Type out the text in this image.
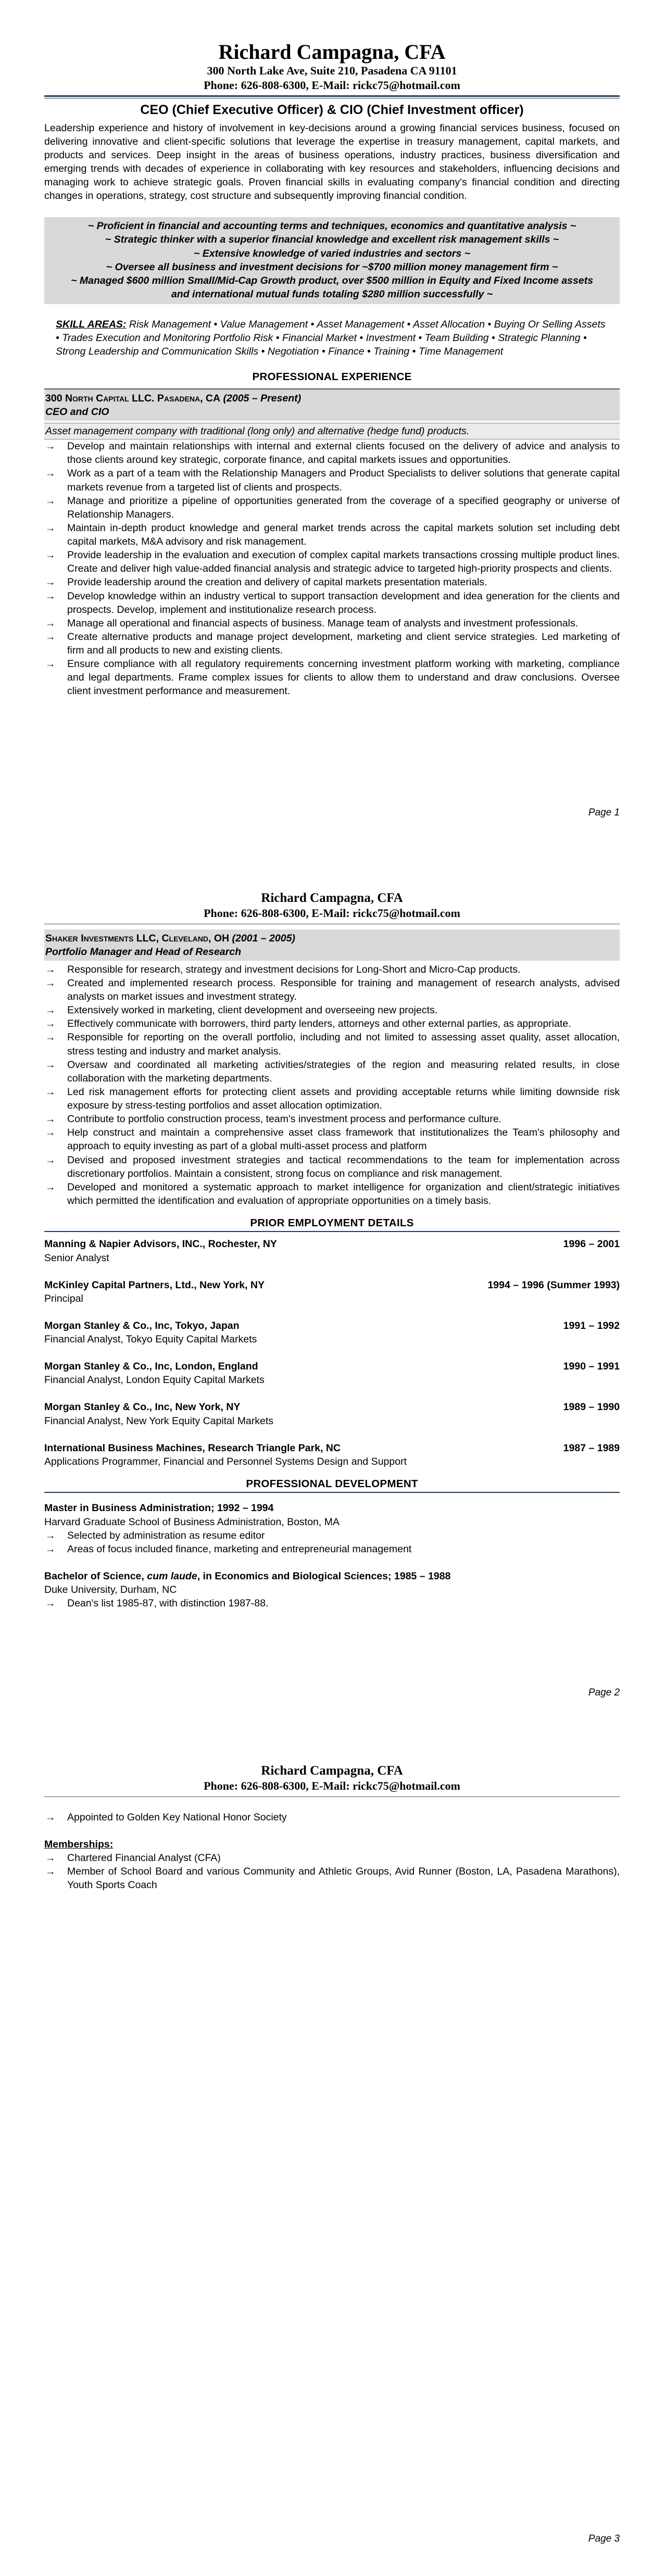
Richard Campagna, CFA
300 North Lake Ave, Suite 210, Pasadena CA 91101
Phone: 626-808-6300, E-Mail: rickc75@hotmail.com
CEO (Chief Executive Officer) & CIO (Chief Investment officer)

Leadership experience and history of involvement in key-decisions around a growing financial services business, focused on delivering innovative and client-specific solutions that leverage the expertise in treasury management, capital markets, and products and services. Deep insight in the areas of business operations, industry practices, business diversification and emerging trends with decades of experience in collaborating with key resources and stakeholders, influencing decisions and managing work to achieve strategic goals. Proven financial skills in evaluating company's financial condition and directing changes in operations, strategy, cost structure and subsequently improving financial condition.

~ Proficient in financial and accounting terms and techniques, economics and quantitative analysis ~
~ Strategic thinker with a superior financial knowledge and excellent risk management skills ~
~ Extensive knowledge of varied industries and sectors ~
~ Oversee all business and investment decisions for ~$700 million money management firm ~
~ Managed $600 million Small/Mid-Cap Growth product, over $500 million in Equity and Fixed Income assets
and international mutual funds totaling $280 million successfully ~

SKILL AREAS: Risk Management • Value Management • Asset Management • Asset Allocation • Buying Or Selling Assets • Trades Execution and Monitoring Portfolio Risk • Financial Market • Investment • Team Building • Strategic Planning • Strong Leadership and Communication Skills • Negotiation • Finance • Training • Time Management

PROFESSIONAL EXPERIENCE
300 North Capital LLC. Pasadena, CA (2005 – Present)
CEO and CIO
Asset management company with traditional (long only) and alternative (hedge fund) products.
→ Develop and maintain relationships with internal and external clients focused on the delivery of advice and analysis to those clients around key strategic, corporate finance, and capital markets issues and opportunities.
→ Work as a part of a team with the Relationship Managers and Product Specialists to deliver solutions that generate capital markets revenue from a targeted list of clients and prospects.
→ Manage and prioritize a pipeline of opportunities generated from the coverage of a specified geography or universe of Relationship Managers.
→ Maintain in-depth product knowledge and general market trends across the capital markets solution set including debt capital markets, M&A advisory and risk management.
→ Provide leadership in the evaluation and execution of complex capital markets transactions crossing multiple product lines. Create and deliver high value-added financial analysis and strategic advice to targeted high-priority prospects and clients.
→ Provide leadership around the creation and delivery of capital markets presentation materials.
→ Develop knowledge within an industry vertical to support transaction development and idea generation for the clients and prospects. Develop, implement and institutionalize research process.
→ Manage all operational and financial aspects of business. Manage team of analysts and investment professionals.
→ Create alternative products and manage project development, marketing and client service strategies. Led marketing of firm and all products to new and existing clients.
→ Ensure compliance with all regulatory requirements concerning investment platform working with marketing, compliance and legal departments. Frame complex issues for clients to allow them to understand and draw conclusions. Oversee client investment performance and measurement.
Page 1
Richard Campagna, CFA
Phone: 626-808-6300, E-Mail: rickc75@hotmail.com
Shaker Investments LLC, Cleveland, OH (2001 – 2005)
Portfolio Manager and Head of Research
→ Responsible for research, strategy and investment decisions for Long-Short and Micro-Cap products.
→ Created and implemented research process. Responsible for training and management of research analysts, advised analysts on market issues and investment strategy.
→ Extensively worked in marketing, client development and overseeing new projects.
→ Effectively communicate with borrowers, third party lenders, attorneys and other external parties, as appropriate.
→ Responsible for reporting on the overall portfolio, including and not limited to assessing asset quality, asset allocation, stress testing and industry and market analysis.
→ Oversaw and coordinated all marketing activities/strategies of the region and measuring related results, in close collaboration with the marketing departments.
→ Led risk management efforts for protecting client assets and providing acceptable returns while limiting downside risk exposure by stress-testing portfolios and asset allocation optimization.
→ Contribute to portfolio construction process, team's investment process and performance culture.
→ Help construct and maintain a comprehensive asset class framework that institutionalizes the Team's philosophy and approach to equity investing as part of a global multi-asset process and platform
→ Devised and proposed investment strategies and tactical recommendations to the team for implementation across discretionary portfolios. Maintain a consistent, strong focus on compliance and risk management.
→ Developed and monitored a systematic approach to market intelligence for organization and client/strategic initiatives which permitted the identification and evaluation of appropriate opportunities on a timely basis.
PRIOR EMPLOYMENT DETAILS
Manning & Napier Advisors, INC., Rochester, NY	1996 – 2001
Senior Analyst
McKinley Capital Partners, Ltd., New York, NY	1994 – 1996 (Summer 1993)
Principal
Morgan Stanley & Co., Inc, Tokyo, Japan	1991 – 1992
Financial Analyst, Tokyo Equity Capital Markets
Morgan Stanley & Co., Inc, London, England	1990 – 1991
Financial Analyst, London Equity Capital Markets
Morgan Stanley & Co., Inc, New York, NY	1989 – 1990
Financial Analyst, New York Equity Capital Markets
International Business Machines, Research Triangle Park, NC	1987 – 1989
Applications Programmer, Financial and Personnel Systems Design and Support
PROFESSIONAL DEVELOPMENT
Master in Business Administration; 1992 – 1994
Harvard Graduate School of Business Administration, Boston, MA
→ Selected by administration as resume editor
→ Areas of focus included finance, marketing and entrepreneurial management
Bachelor of Science, cum laude, in Economics and Biological Sciences; 1985 – 1988
Duke University, Durham, NC
→ Dean's list 1985-87, with distinction 1987-88.
Page 2
Richard Campagna, CFA
Phone: 626-808-6300, E-Mail: rickc75@hotmail.com
→ Appointed to Golden Key National Honor Society
Memberships:
→ Chartered Financial Analyst (CFA)
→ Member of School Board and various Community and Athletic Groups, Avid Runner (Boston, LA, Pasadena Marathons), Youth Sports Coach
Page 3
